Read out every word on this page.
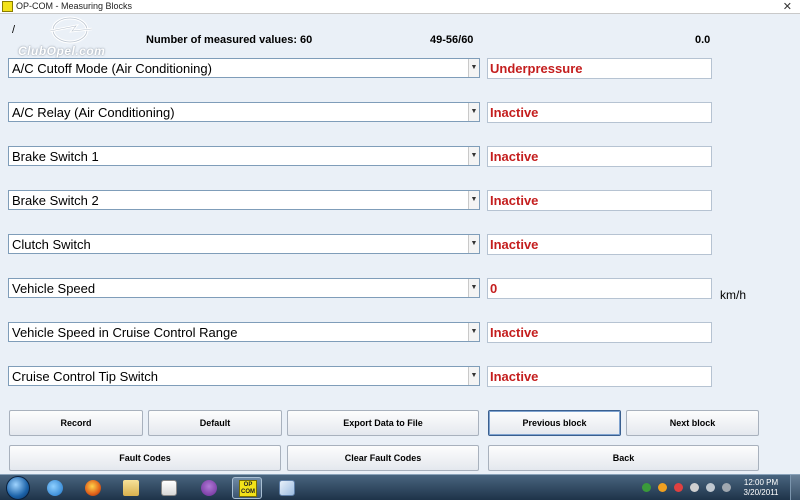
OP-COM - Measuring Blocks	✕
ClubOpel.com
/
Number of measured values: 60	49-56/60	0.0
A/C Cutoff Mode (Air Conditioning)	▼ Underpressure
A/C Relay (Air Conditioning)	▼ Inactive
Brake Switch 1	▼ Inactive
Brake Switch 2	▼ Inactive
Clutch Switch	▼ Inactive
Vehicle Speed	▼ 0	km/h
Vehicle Speed in Cruise Control Range	▼ Inactive
Cruise Control Tip Switch	▼ Inactive
Record	Default	Export Data to File	Previous block	Next block
Fault Codes	Clear Fault Codes	Back
OP COM
12:00 PM
3/20/2011
